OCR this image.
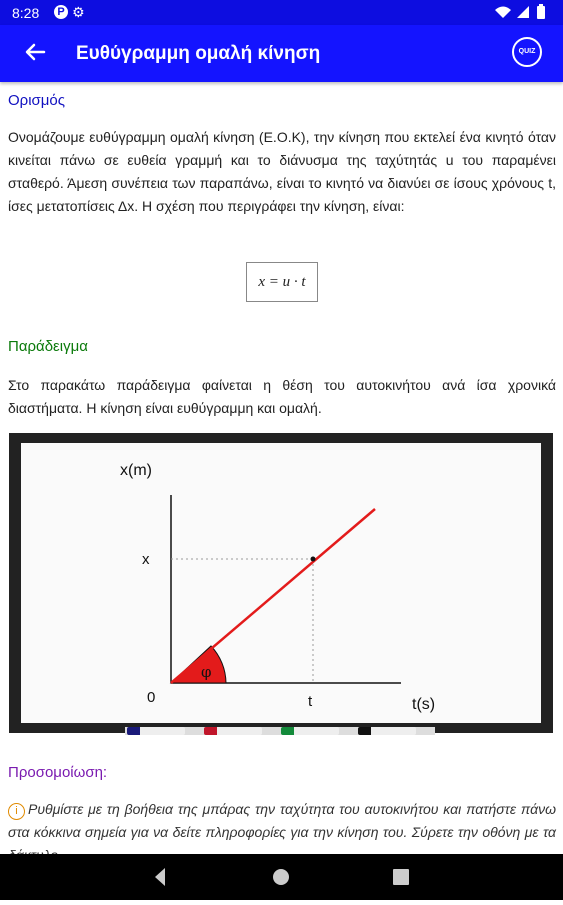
8:28	P ⚙
Ευθύγραμμη ομαλή κίνηση	QUIZ
Ορισμός
Ονομάζουμε ευθύγραμμη ομαλή κίνηση (Ε.Ο.Κ), την κίνηση που εκτελεί ένα κινητό όταν κινείται πάνω σε ευθεία γραμμή και το διάνυσμα της ταχύτητάς u του παραμένει σταθερό. Άμεση συνέπεια των παραπάνω, είναι το κινητό να διανύει σε ίσους χρόνους t, ίσες μετατοπίσεις Δx. Η σχέση που περιγράφει την κίνηση, είναι:
x = u · t
Παράδειγμα
Στο παρακάτω παράδειγμα φαίνεται η θέση του αυτοκινήτου ανά ίσα χρονικά διαστήματα. Η κίνηση είναι ευθύγραμμη και ομαλή.
x(m)
t(s)
0
x
t
φ
Προσομοίωση:
i Ρυθμίστε με τη βοήθεια της μπάρας την ταχύτητα του αυτοκινήτου και πατήστε πάνω στα κόκκινα σημεία για να δείτε πληροφορίες για την κίνηση του. Σύρετε την οθόνη με τα
